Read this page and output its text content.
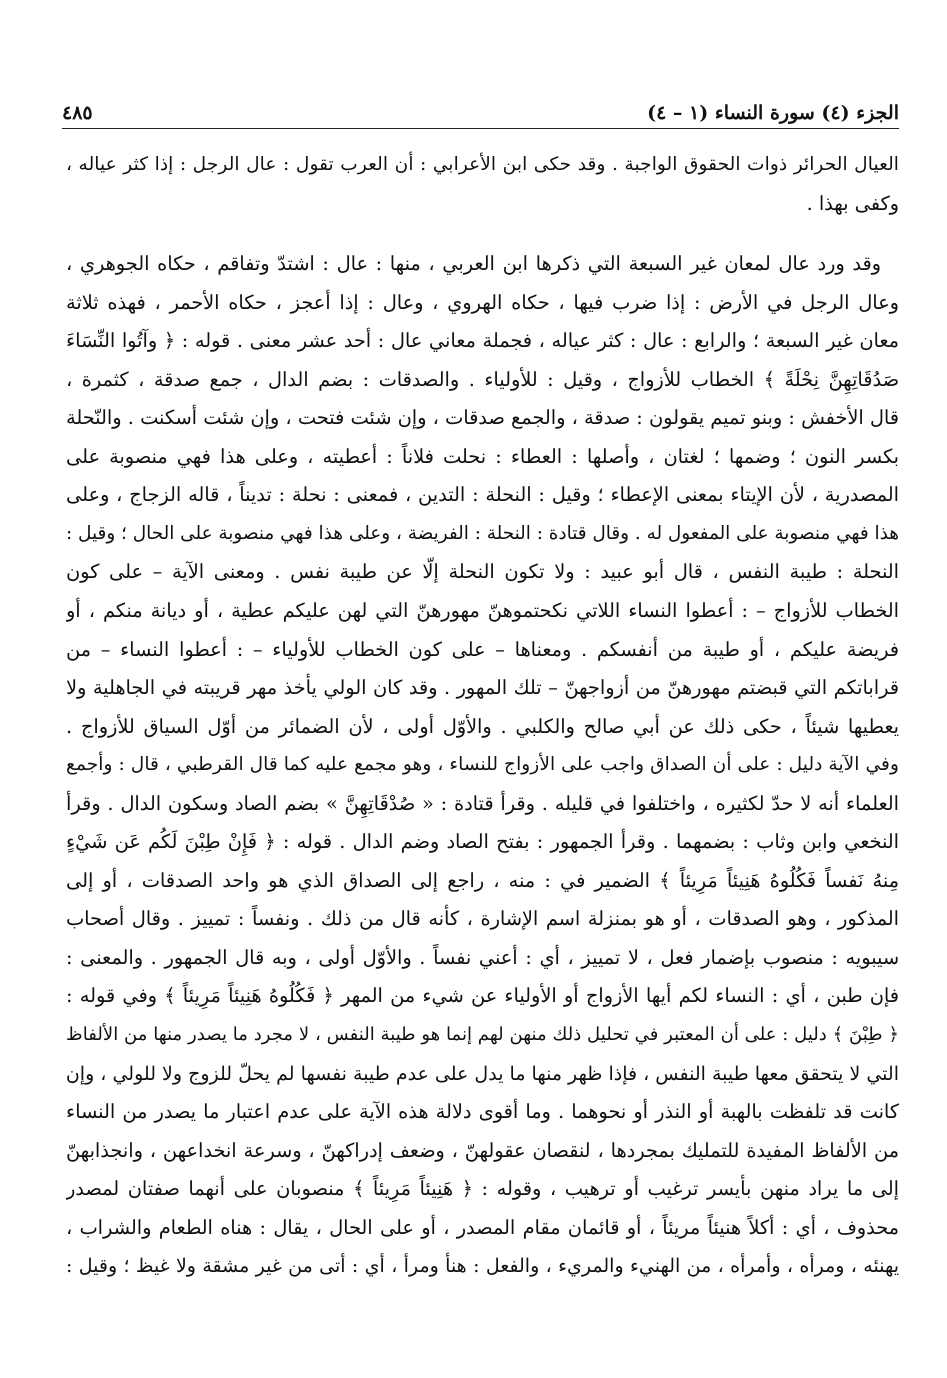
الجزء (٤) سورة النساء (١ – ٤)
٤٨٥
العيال الحرائر ذوات الحقوق الواجبة . وقد حكى ابن الأعرابي : أن العرب تقول : عال الرجل : إذا كثر عياله ،
وكفى بهذا .
وقد ورد عال لمعان غير السبعة التي ذكرها ابن العربي ، منها : عال : اشتدّ وتفاقم ، حكاه الجوهري ،
وعال الرجل في الأرض : إذا ضرب فيها ، حكاه الهروي ، وعال : إذا أعجز ، حكاه الأحمر ، فهذه ثلاثة
معان غير السبعة ؛ والرابع : عال : كثر عياله ، فجملة معاني عال : أحد عشر معنى . قوله : ﴿ وآتُوا النِّسَاءَ
صَدُقَاتِهِنَّ نِحْلَةً ﴾ الخطاب للأزواج ، وقيل : للأولياء . والصدقات : بضم الدال ، جمع صدقة ، كثمرة ،
قال الأخفش : وبنو تميم يقولون : صدقة ، والجمع صدقات ، وإن شئت فتحت ، وإن شئت أسكنت . والنّحلة
بكسر النون ؛ وضمها ؛ لغتان ، وأصلها : العطاء : نحلت فلاناً : أعطيته ، وعلى هذا فهي منصوبة على
المصدرية ، لأن الإيتاء بمعنى الإعطاء ؛ وقيل : النحلة : التدين ، فمعنى : نحلة : تديناً ، قاله الزجاج ، وعلى
هذا فهي منصوبة على المفعول له . وقال قتادة : النحلة : الفريضة ، وعلى هذا فهي منصوبة على الحال ؛ وقيل :
النحلة : طيبة النفس ، قال أبو عبيد : ولا تكون النحلة إلّا عن طيبة نفس . ومعنى الآية – على كون
الخطاب للأزواج – : أعطوا النساء اللاتي نكحتموهنّ مهورهنّ التي لهن عليكم عطية ، أو ديانة منكم ، أو
فريضة عليكم ، أو طيبة من أنفسكم . ومعناها – على كون الخطاب للأولياء – : أعطوا النساء – من
قراباتكم التي قبضتم مهورهنّ من أزواجهنّ – تلك المهور . وقد كان الولي يأخذ مهر قريبته في الجاهلية ولا
يعطيها شيئاً ، حكى ذلك عن أبي صالح والكلبي . والأوّل أولى ، لأن الضمائر من أوّل السياق للأزواج .
وفي الآية دليل : على أن الصداق واجب على الأزواج للنساء ، وهو مجمع عليه كما قال القرطبي ، قال : وأجمع
العلماء أنه لا حدّ لكثيره ، واختلفوا في قليله . وقرأ قتادة : « صُدْقَاتِهِنَّ » بضم الصاد وسكون الدال . وقرأ
النخعي وابن وثاب : بضمهما . وقرأ الجمهور : بفتح الصاد وضم الدال . قوله : ﴿ فَإِنْ طِبْنَ لَكُم عَن شَيْءٍ
مِنهُ نَفساً فَكُلُوهُ هَنِيئاً مَرِيئاً ﴾ الضمير في : منه ، راجع إلى الصداق الذي هو واحد الصدقات ، أو إلى
المذكور ، وهو الصدقات ، أو هو بمنزلة اسم الإشارة ، كأنه قال من ذلك . ونفساً : تمييز . وقال أصحاب
سيبويه : منصوب بإضمار فعل ، لا تمييز ، أي : أعني نفساً . والأوّل أولى ، وبه قال الجمهور . والمعنى :
فإن طبن ، أي : النساء لكم أيها الأزواج أو الأولياء عن شيء من المهر ﴿ فَكُلُوهُ هَنِيئاً مَرِيئاً ﴾ وفي قوله :
﴿ طِبْنَ ﴾ دليل : على أن المعتبر في تحليل ذلك منهن لهم إنما هو طيبة النفس ، لا مجرد ما يصدر منها من الألفاظ
التي لا يتحقق معها طيبة النفس ، فإذا ظهر منها ما يدل على عدم طيبة نفسها لم يحلّ للزوج ولا للولي ، وإن
كانت قد تلفظت بالهبة أو النذر أو نحوهما . وما أقوى دلالة هذه الآية على عدم اعتبار ما يصدر من النساء
من الألفاظ المفيدة للتمليك بمجردها ، لنقصان عقولهنّ ، وضعف إدراكهنّ ، وسرعة انخداعهن ، وانجذابهنّ
إلى ما يراد منهن بأيسر ترغيب أو ترهيب ، وقوله : ﴿ هَنِيئاً مَرِيئاً ﴾ منصوبان على أنهما صفتان لمصدر
محذوف ، أي : أكلاً هنيئاً مريئاً ، أو قائمان مقام المصدر ، أو على الحال ، يقال : هناه الطعام والشراب ،
يهنئه ، ومرأه ، وأمرأه ، من الهنيء والمريء ، والفعل : هنأ ومرأ ، أي : أتى من غير مشقة ولا غيظ ؛ وقيل :
